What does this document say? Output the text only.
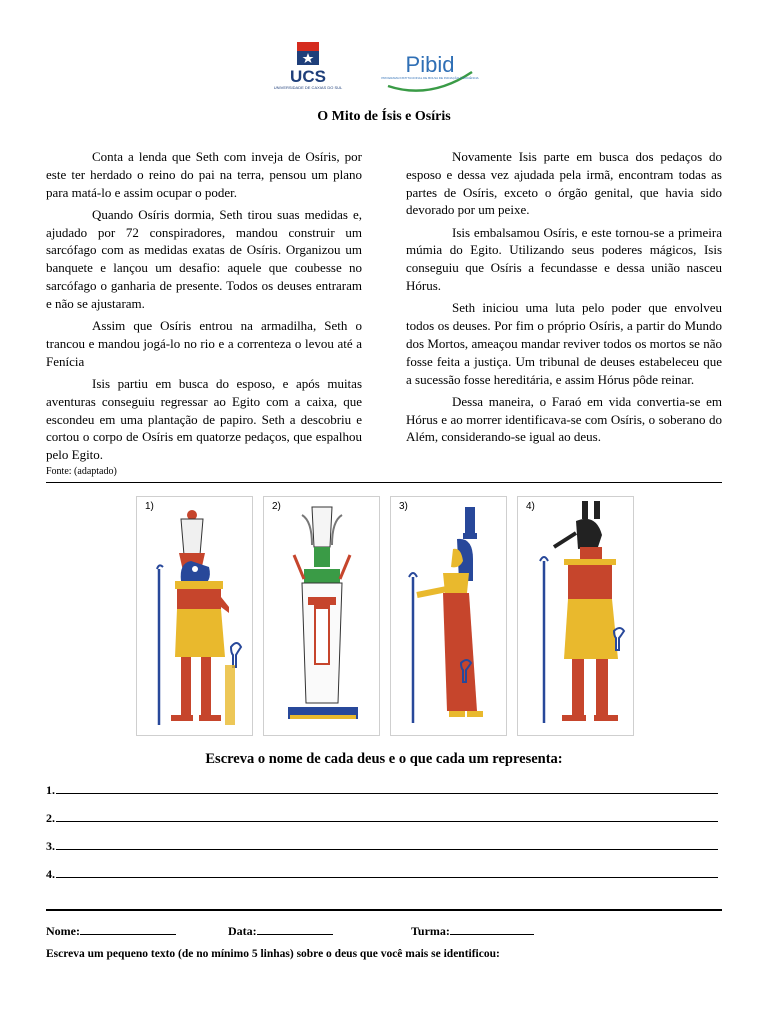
UCS
UNIVERSIDADE DE CAXIAS DO SUL
Pibid
PROGRAMA INSTITUCIONAL DE BOLSA DE INICIAÇÃO À DOCÊNCIA
O Mito de Ísis e Osíris

Conta a lenda que Seth com inveja de Osíris, por este ter herdado o reino do pai na terra, pensou um plano para matá-lo e assim ocupar o poder.

Quando Osíris dormia, Seth tirou suas medidas e, ajudado por 72 conspiradores, mandou construir um sarcófago com as medidas exatas de Osíris. Organizou um banquete e lançou um desafio: aquele que coubesse no sarcófago o ganharia de presente. Todos os deuses entraram e não se ajustaram.

Assim que Osíris entrou na armadilha, Seth o trancou e mandou jogá-lo no rio e a correnteza o levou até a Fenícia

Isis partiu em busca do esposo, e após muitas aventuras conseguiu regressar ao Egito com a caixa, que escondeu em uma plantação de papiro. Seth a descobriu e cortou o corpo de Osíris em quatorze pedaços, que espalhou pelo Egito.

Novamente Isis parte em busca dos pedaços do esposo e dessa vez ajudada pela irmã, encontram todas as partes de Osíris, exceto o órgão genital, que havia sido devorado por um peixe.

Isis embalsamou Osíris, e este tornou-se a primeira múmia do Egito. Utilizando seus poderes mágicos, Isis conseguiu que Osíris a fecundasse e dessa união nasceu Hórus.

Seth iniciou uma luta pelo poder que envolveu todos os deuses. Por fim o próprio Osíris, a partir do Mundo dos Mortos, ameaçou mandar reviver todos os mortos se não fosse feita a justiça. Um tribunal de deuses estabeleceu que a sucessão fosse hereditária, e assim Hórus pôde reinar.

Dessa maneira, o Faraó em vida convertia-se em Hórus e ao morrer identificava-se com Osíris, o soberano do Além, considerando-se igual ao deus.

Fonte: (adaptado)
1)	2)	3)	4)
Escreva o nome de cada deus e o que cada um representa:
1.
2.
3.
4.
Nome:	Data:	Turma:
Escreva um pequeno texto (de no mínimo 5 linhas) sobre o deus que você mais se identificou:
